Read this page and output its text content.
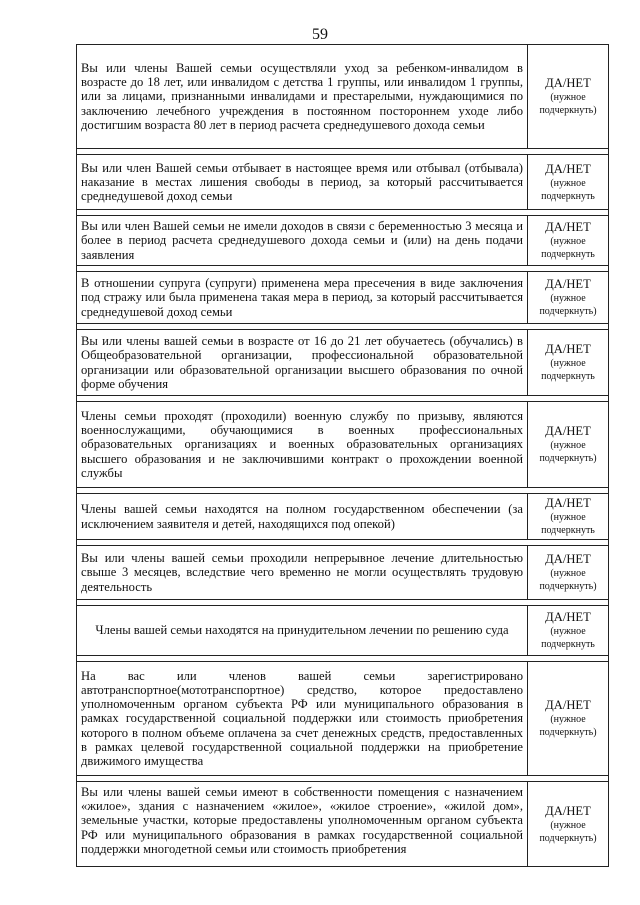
59
Вы или члены Вашей семьи осуществляли уход за ребенком-инвалидом в возрасте до 18 лет, или инвалидом с детства 1 группы, или инвалидом 1 группы, или за лицами, признанными инвалидами и престарелыми, нуждающимися по заключению лечебного учреждения в постоянном постороннем уходе либо достигшим возраста 80 лет в период расчета среднедушевого дохода семьи	ДА/НЕТ
(нужное подчеркнуть)

Вы или член Вашей семьи отбывает в настоящее время или отбывал (отбывала) наказание в местах лишения свободы в период, за который рассчитывается среднедушевой доход семьи	ДА/НЕТ
(нужное подчеркнуть

Вы или член Вашей семьи не имели доходов в связи с беременностью 3 месяца и более в период расчета среднедушевого дохода семьи и (или) на день подачи заявления	ДА/НЕТ
(нужное подчеркнуть

В отношении супруга (супруги) применена мера пресечения в виде заключения под стражу или была применена такая мера в период, за который рассчитывается среднедушевой доход семьи	ДА/НЕТ
(нужное подчеркнуть)

Вы или члены вашей семьи в возрасте от 16 до 21 лет обучаетесь (обучались) в Общеобразовательной организации, профессиональной образовательной организации или образовательной организации высшего образования по очной форме обучения	ДА/НЕТ
(нужное подчеркнуть

Члены семьи проходят (проходили) военную службу по призыву, являются военнослужащими, обучающимися в военных профессиональных образовательных организациях и военных образовательных организациях высшего образования и не заключившими контракт о прохождении военной службы	ДА/НЕТ
(нужное подчеркнуть)

Члены вашей семьи находятся на полном государственном обеспечении (за исключением заявителя и детей, находящихся под опекой)	ДА/НЕТ
(нужное подчеркнуть

Вы или члены вашей семьи проходили непрерывное лечение длительностью свыше 3 месяцев, вследствие чего временно не могли осуществлять трудовую деятельность	ДА/НЕТ
(нужное подчеркнуть)

Члены вашей семьи находятся на принудительном лечении по решению суда	ДА/НЕТ
(нужное подчеркнуть

На вас или членов вашей семьи зарегистрировано автотранспортное(мототранспортное) средство, которое предоставлено уполномоченным органом субъекта РФ или муниципального образования в рамках государственной социальной поддержки или стоимость приобретения которого в полном объеме оплачена за счет денежных средств, предоставленных в рамках целевой государственной социальной поддержки на приобретение движимого имущества	ДА/НЕТ
(нужное подчеркнуть)

Вы или члены вашей семьи имеют в собственности помещения с назначением «жилое», здания с назначением «жилое», «жилое строение», «жилой дом», земельные участки, которые предоставлены уполномоченным органом субъекта РФ или муниципального образования в рамках государственной социальной поддержки многодетной семьи или стоимость приобретения	ДА/НЕТ
(нужное подчеркнуть)
